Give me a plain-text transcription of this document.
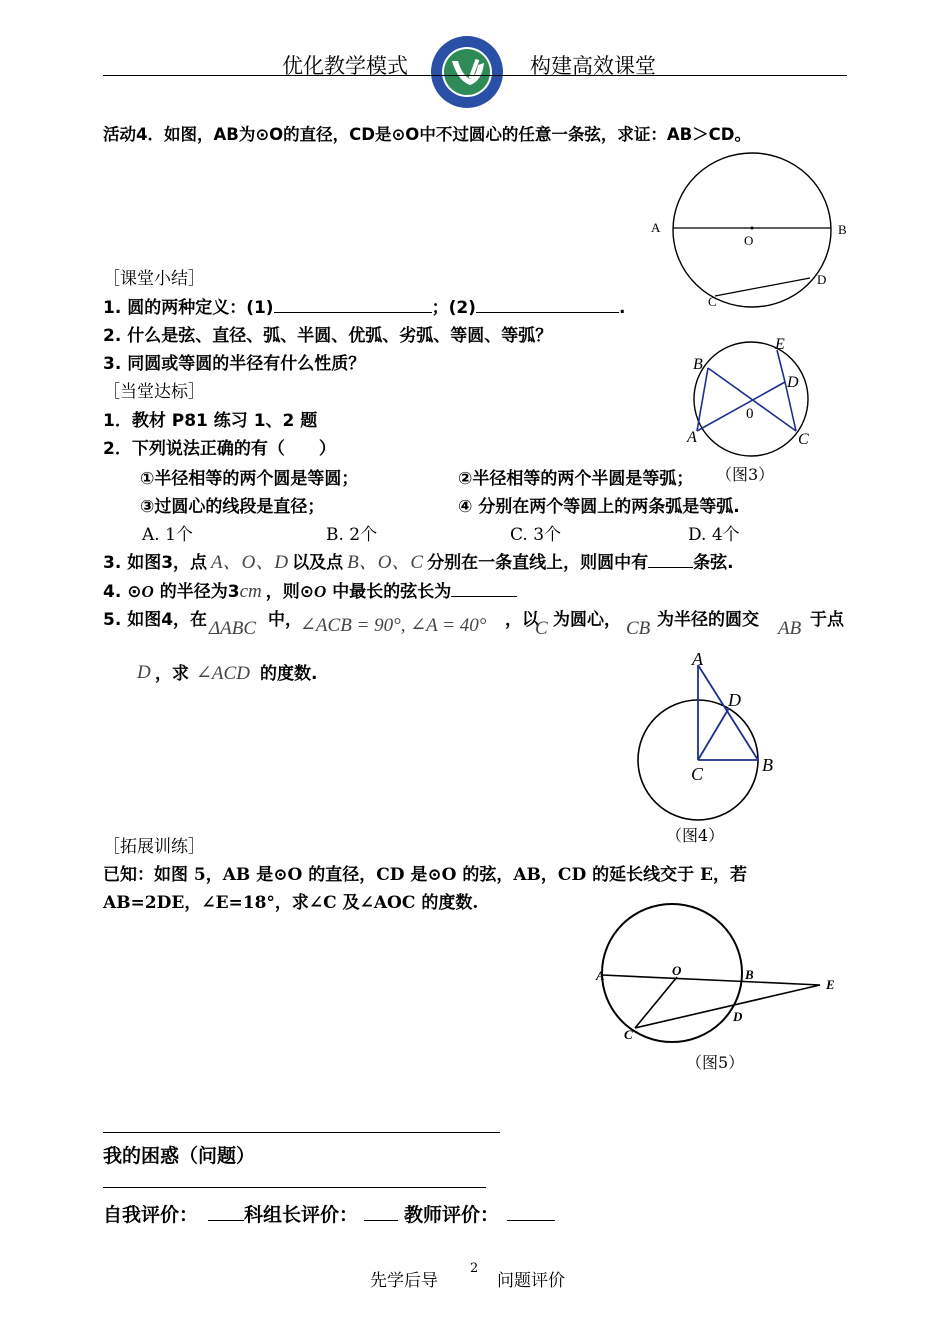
优化教学模式	构建高效课堂
活动4．如图，AB为⊙O的直径，CD是⊙O中不过圆心的任意一条弦，求证：AB＞CD。
A	B
O
C
D
［课堂小结］
1. 圆的两种定义：(1)	；(2)	.
2. 什么是弦、直径、弧、半圆、优弧、劣弧、等圆、等弧？
3. 同圆或等圆的半径有什么性质？
［当堂达标］
1．教材 P81 练习 1、2 题
2．下列说法正确的有（　　）
①半径相等的两个圆是等圆；	②半径相等的两个半圆是等弧； （图3）
③过圆心的线段是直径；	④ 分别在两个等圆上的两条弧是等弧.
A. 1个	B. 2个	C. 3个	D. 4个
B
E
D
0
A	C
3. 如图3，点 A、O、D 以及点 B、O、C 分别在一条直线上，则圆中有	条弦.
4. ⊙O 的半径为3cm ，则⊙O 中最长的弦长为
5. 如图4，在 ΔABC 中，
∠ACB = 90°, ∠A = 40° ，以
C 为圆心， CB 为半径的圆交 AB 于点
D ，求 ∠ACD 的度数.
A
D
C	B
（图4）
［拓展训练］
已知：如图 5，AB 是⊙O 的直径，CD 是⊙O 的弦，AB，CD 的延长线交于 E，若
AB=2DE，∠E=18°，求∠C 及∠AOC 的度数.
A	O	B
E
C
D
（图5）
我的困惑（问题）
自我评价： 科组长评价： 教师评价：
先学后导
2
问题评价
